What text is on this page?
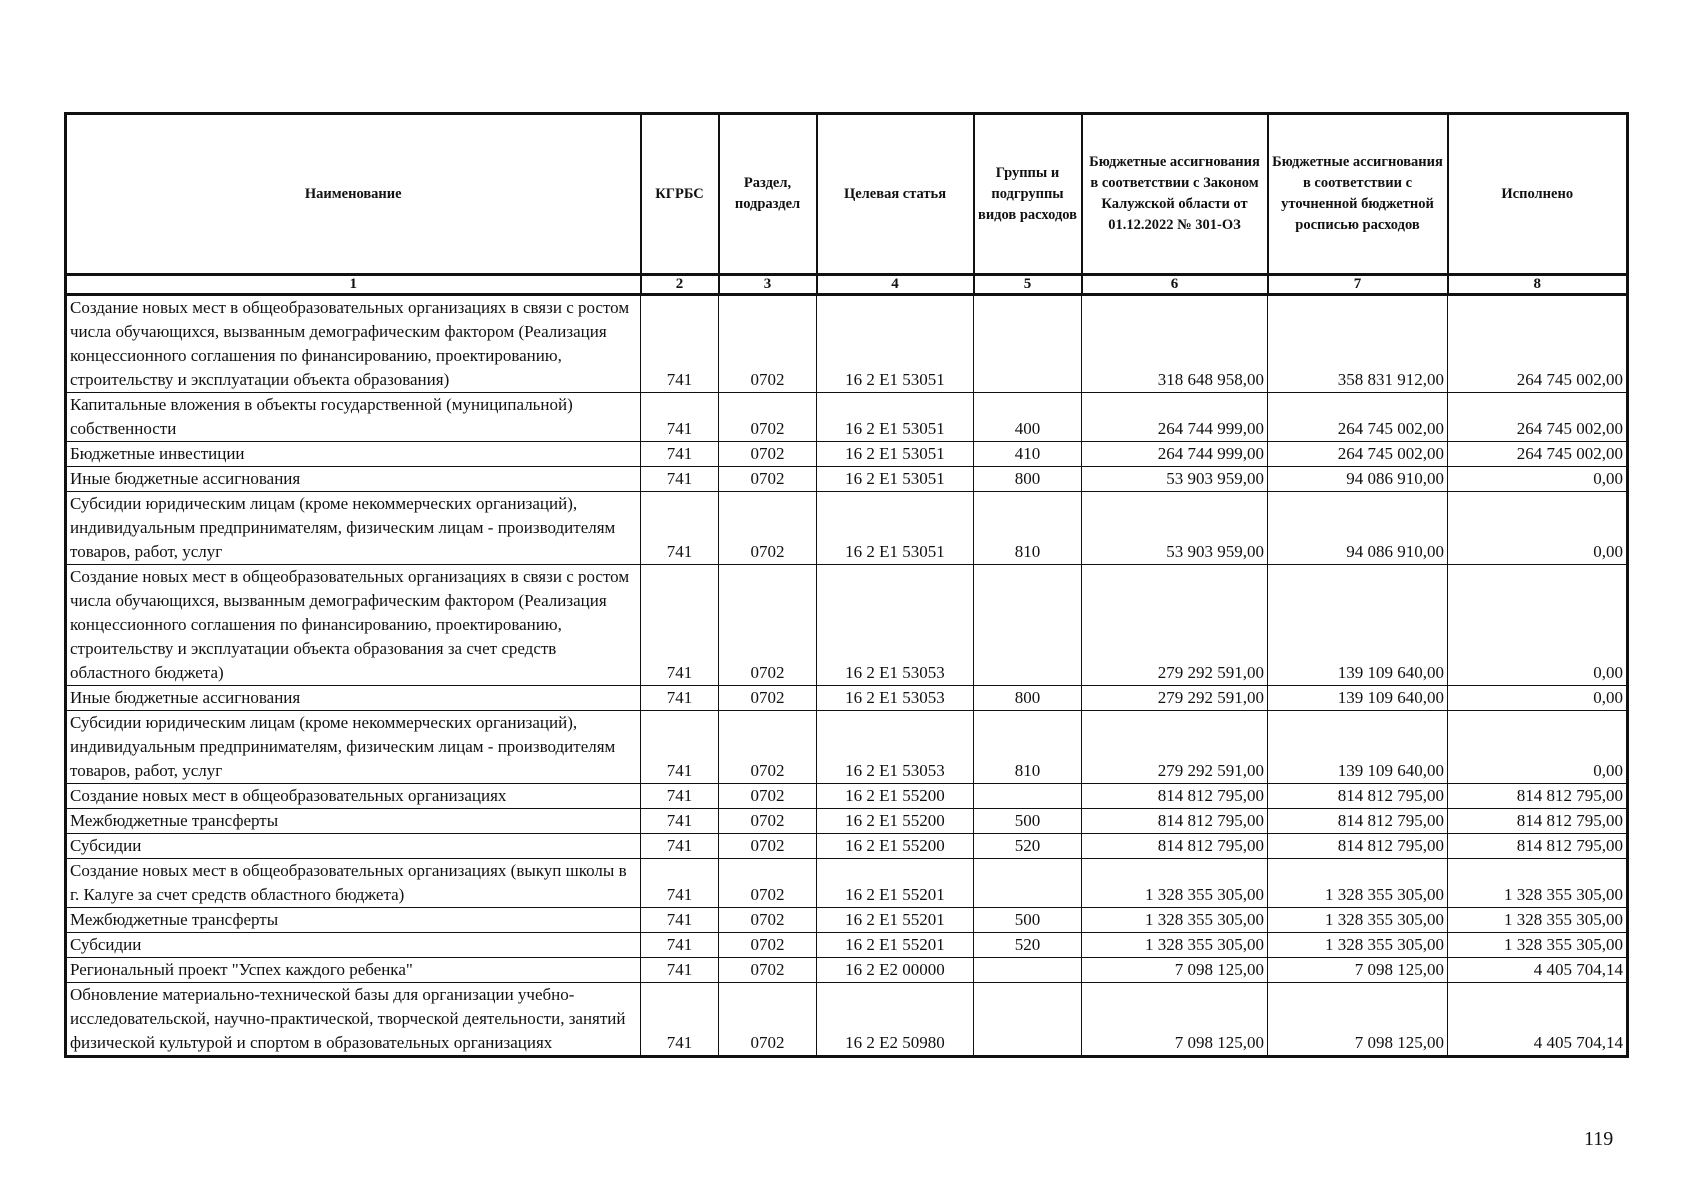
Наименование	КГРБС	Раздел, подраздел	Целевая статья	Группы и подгруппы видов расходов	Бюджетные ассигнования в соответствии с Законом Калужской области от 01.12.2022 № 301-ОЗ	Бюджетные ассигнования в соответствии с уточненной бюджетной росписью расходов	Исполнено
1	2	3	4	5	6	7	8
Создание новых мест в общеобразовательных организациях в связи с ростом числа обучающихся, вызванным демографическим фактором (Реализация концессионного соглашения по финансированию, проектированию, строительству и эксплуатации объекта образования)	741	0702	16 2 E1 53051		318 648 958,00	358 831 912,00	264 745 002,00
Капитальные вложения в объекты государственной (муниципальной) собственности	741	0702	16 2 E1 53051	400	264 744 999,00	264 745 002,00	264 745 002,00
Бюджетные инвестиции	741	0702	16 2 E1 53051	410	264 744 999,00	264 745 002,00	264 745 002,00
Иные бюджетные ассигнования	741	0702	16 2 E1 53051	800	53 903 959,00	94 086 910,00	0,00
Субсидии юридическим лицам (кроме некоммерческих организаций), индивидуальным предпринимателям, физическим лицам - производителям товаров, работ, услуг	741	0702	16 2 E1 53051	810	53 903 959,00	94 086 910,00	0,00
Создание новых мест в общеобразовательных организациях в связи с ростом числа обучающихся, вызванным демографическим фактором (Реализация концессионного соглашения по финансированию, проектированию, строительству и эксплуатации объекта образования за счет средств областного бюджета)	741	0702	16 2 E1 53053		279 292 591,00	139 109 640,00	0,00
Иные бюджетные ассигнования	741	0702	16 2 E1 53053	800	279 292 591,00	139 109 640,00	0,00
Субсидии юридическим лицам (кроме некоммерческих организаций), индивидуальным предпринимателям, физическим лицам - производителям товаров, работ, услуг	741	0702	16 2 E1 53053	810	279 292 591,00	139 109 640,00	0,00
Создание новых мест в общеобразовательных организациях	741	0702	16 2 E1 55200		814 812 795,00	814 812 795,00	814 812 795,00
Межбюджетные трансферты	741	0702	16 2 E1 55200	500	814 812 795,00	814 812 795,00	814 812 795,00
Субсидии	741	0702	16 2 E1 55200	520	814 812 795,00	814 812 795,00	814 812 795,00
Создание новых мест в общеобразовательных организациях (выкуп школы в г. Калуге за счет средств областного бюджета)	741	0702	16 2 E1 55201		1 328 355 305,00	1 328 355 305,00	1 328 355 305,00
Межбюджетные трансферты	741	0702	16 2 E1 55201	500	1 328 355 305,00	1 328 355 305,00	1 328 355 305,00
Субсидии	741	0702	16 2 E1 55201	520	1 328 355 305,00	1 328 355 305,00	1 328 355 305,00
Региональный проект "Успех каждого ребенка"	741	0702	16 2 E2 00000		7 098 125,00	7 098 125,00	4 405 704,14
Обновление материально-технической базы для организации учебно-исследовательской, научно-практической, творческой деятельности, занятий физической культурой и спортом в образовательных организациях	741	0702	16 2 E2 50980		7 098 125,00	7 098 125,00	4 405 704,14
119
